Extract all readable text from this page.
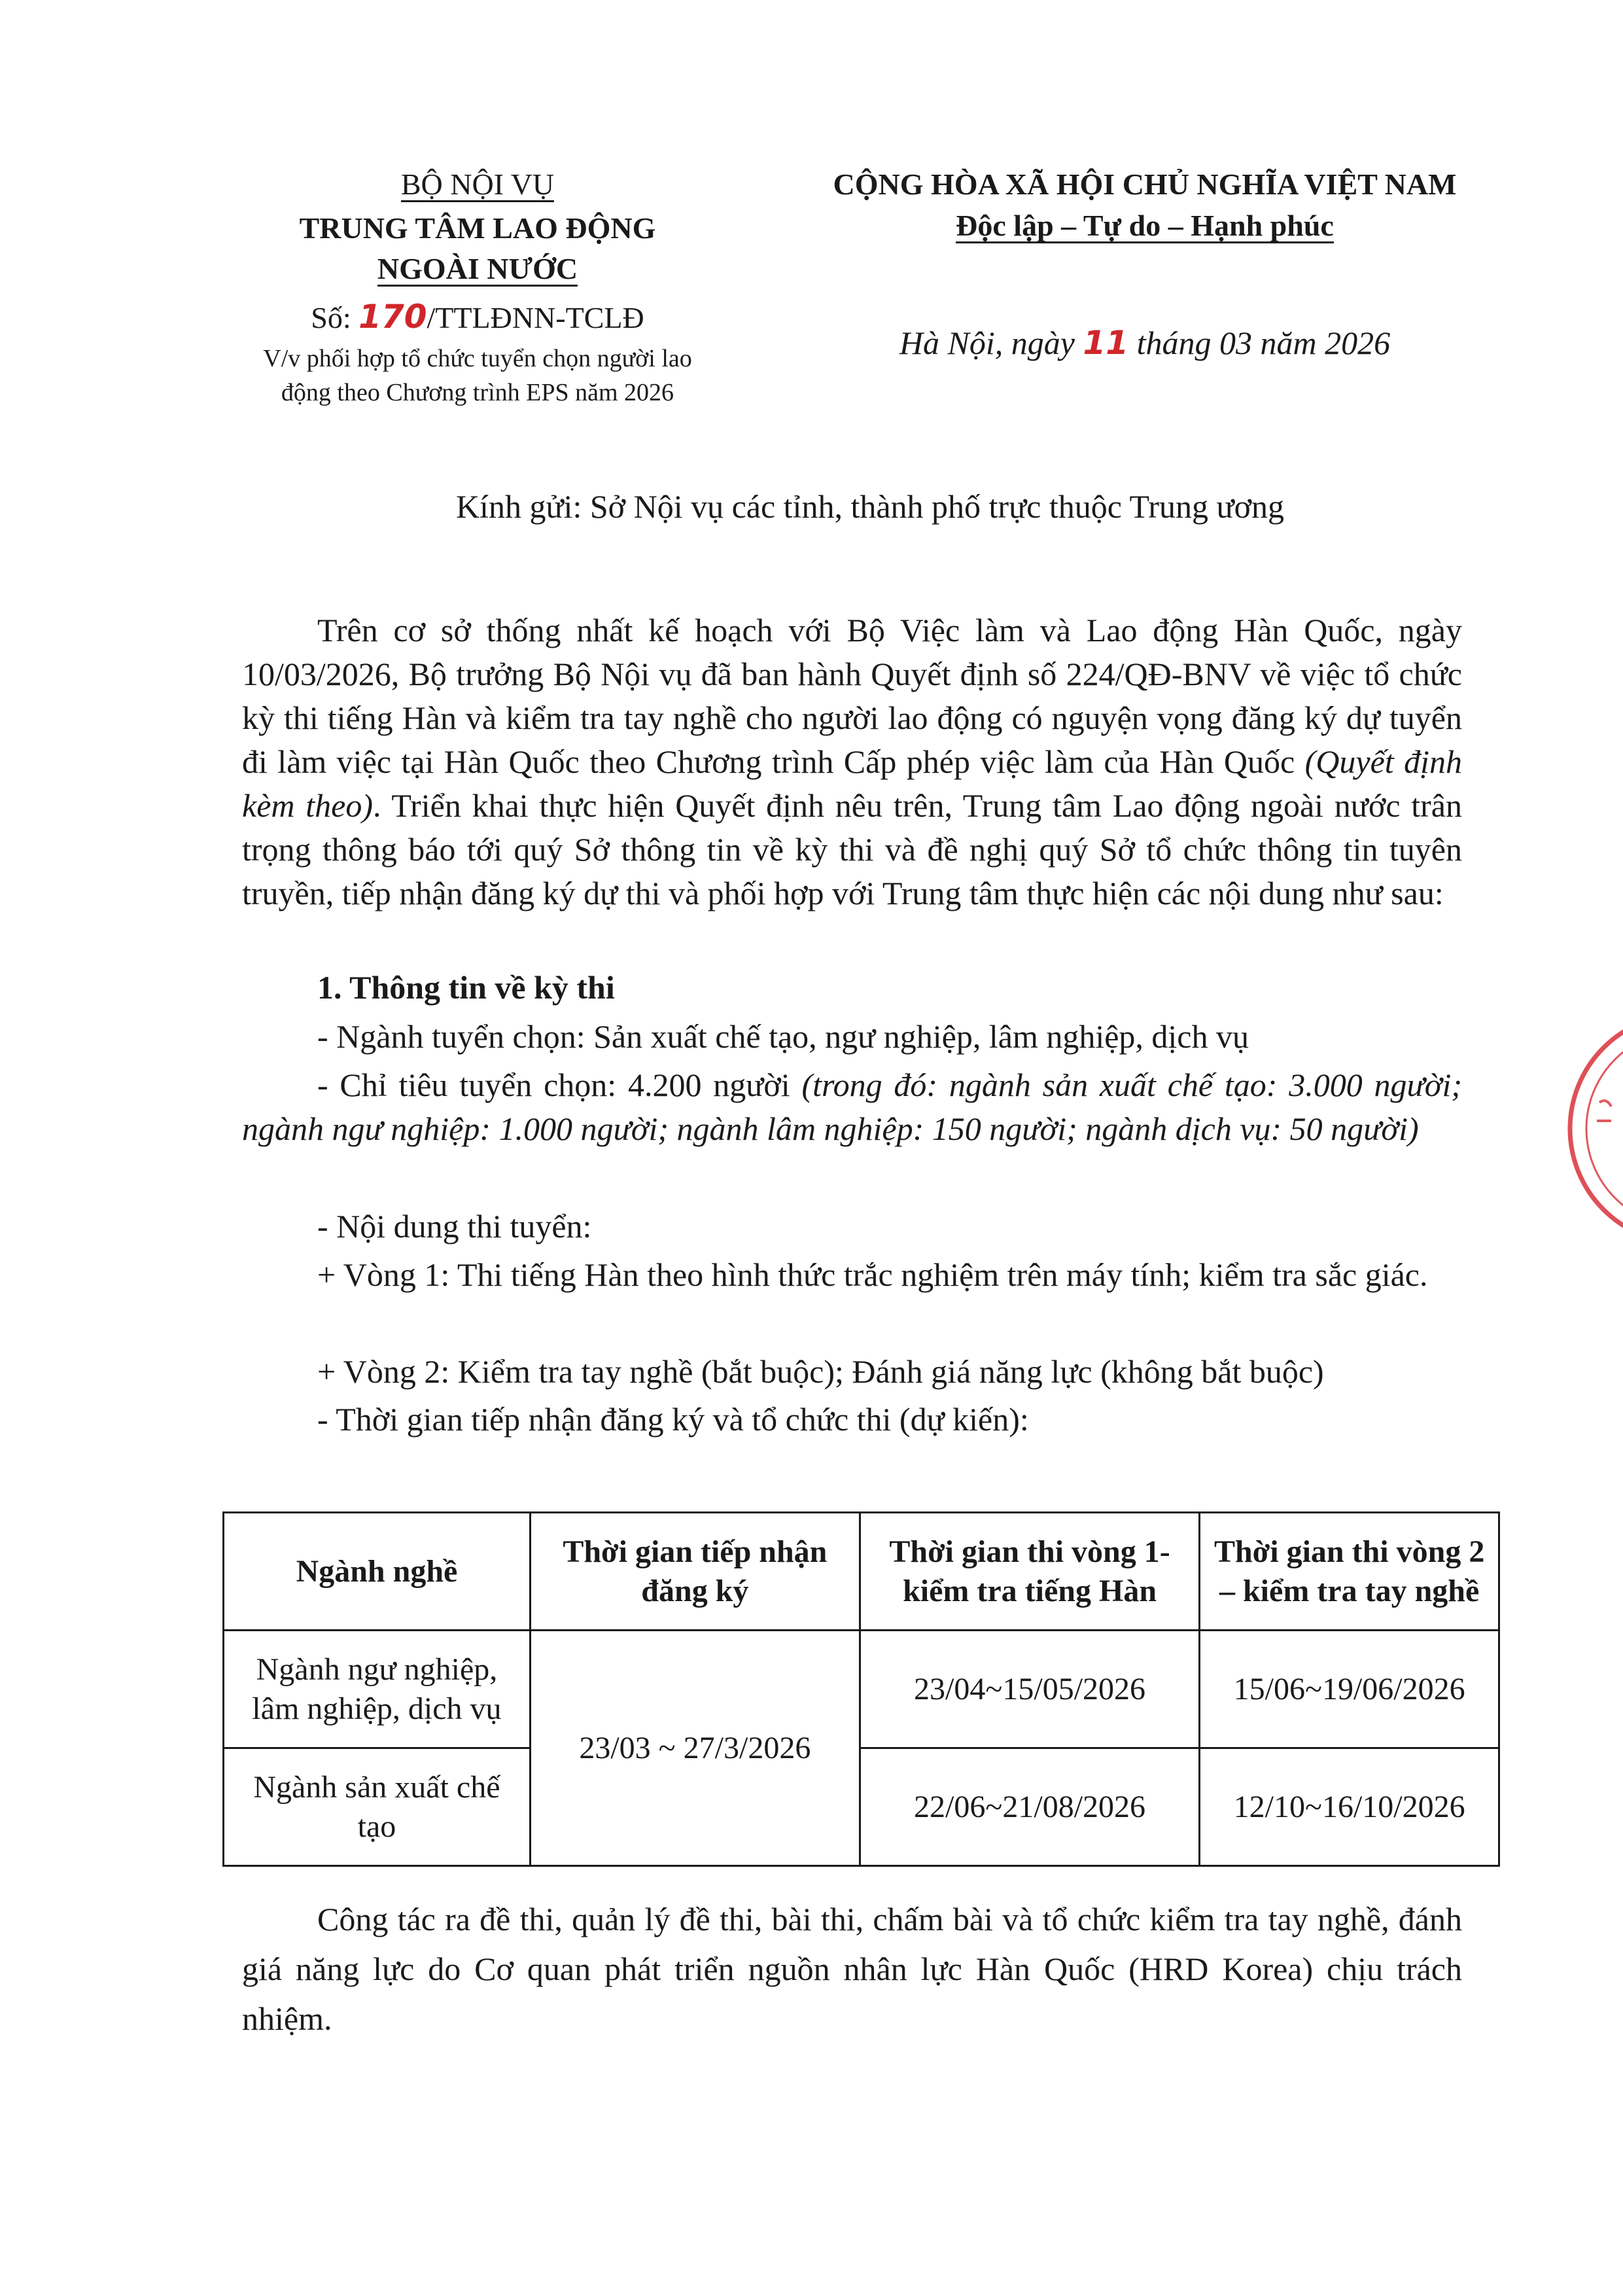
BỘ NỘI VỤ
TRUNG TÂM LAO ĐỘNG
NGOÀI NƯỚC
Số: 170/TTLĐNN-TCLĐ
V/v phối hợp tổ chức tuyển chọn người lao
động theo Chương trình EPS năm 2026
CỘNG HÒA XÃ HỘI CHỦ NGHĨA VIỆT NAM
Độc lập – Tự do – Hạnh phúc
Hà Nội, ngày 11 tháng 03 năm 2026
Kính gửi: Sở Nội vụ các tỉnh, thành phố trực thuộc Trung ương
Trên cơ sở thống nhất kế hoạch với Bộ Việc làm và Lao động Hàn Quốc, ngày 10/03/2026, Bộ trưởng Bộ Nội vụ đã ban hành Quyết định số 224/QĐ-BNV về việc tổ chức kỳ thi tiếng Hàn và kiểm tra tay nghề cho người lao động có nguyện vọng đăng ký dự tuyển đi làm việc tại Hàn Quốc theo Chương trình Cấp phép việc làm của Hàn Quốc (Quyết định kèm theo). Triển khai thực hiện Quyết định nêu trên, Trung tâm Lao động ngoài nước trân trọng thông báo tới quý Sở thông tin về kỳ thi và đề nghị quý Sở tổ chức thông tin tuyên truyền, tiếp nhận đăng ký dự thi và phối hợp với Trung tâm thực hiện các nội dung như sau:
1. Thông tin về kỳ thi
- Ngành tuyển chọn: Sản xuất chế tạo, ngư nghiệp, lâm nghiệp, dịch vụ
- Chỉ tiêu tuyển chọn: 4.200 người (trong đó: ngành sản xuất chế tạo: 3.000 người; ngành ngư nghiệp: 1.000 người; ngành lâm nghiệp: 150 người; ngành dịch vụ: 50 người)
- Nội dung thi tuyển:
+ Vòng 1: Thi tiếng Hàn theo hình thức trắc nghiệm trên máy tính; kiểm tra sắc giác.
+ Vòng 2: Kiểm tra tay nghề (bắt buộc); Đánh giá năng lực (không bắt buộc)
- Thời gian tiếp nhận đăng ký và tổ chức thi (dự kiến):
Ngành nghề	Thời gian tiếp nhận đăng ký	Thời gian thi vòng 1- kiểm tra tiếng Hàn	Thời gian thi vòng 2 – kiểm tra tay nghề
Ngành ngư nghiệp, lâm nghiệp, dịch vụ	23/03 ~ 27/3/2026	23/04~15/05/2026	15/06~19/06/2026
Ngành sản xuất chế tạo		22/06~21/08/2026	12/10~16/10/2026
Công tác ra đề thi, quản lý đề thi, bài thi, chấm bài và tổ chức kiểm tra tay nghề, đánh giá năng lực do Cơ quan phát triển nguồn nhân lực Hàn Quốc (HRD Korea) chịu trách nhiệm.
